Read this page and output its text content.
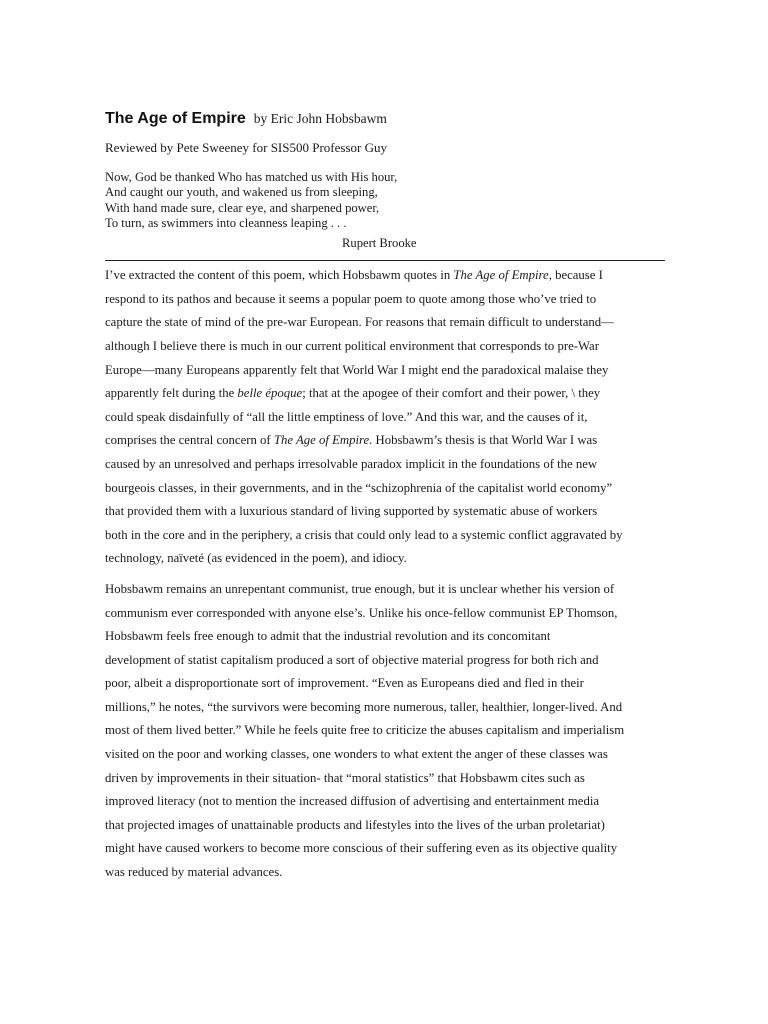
The Age of Empire by Eric John Hobsbawm

Reviewed by Pete Sweeney for SIS500 Professor Guy

Now, God be thanked Who has matched us with His hour,
And caught our youth, and wakened us from sleeping,
With hand made sure, clear eye, and sharpened power,
To turn, as swimmers into cleanness leaping . . .

Rupert Brooke

I’ve extracted the content of this poem, which Hobsbawm quotes in The Age of Empire, because I
respond to its pathos and because it seems a popular poem to quote among those who’ve tried to
capture the state of mind of the pre-war European. For reasons that remain difficult to understand—
although I believe there is much in our current political environment that corresponds to pre-War
Europe—many Europeans apparently felt that World War I might end the paradoxical malaise they
apparently felt during the belle époque; that at the apogee of their comfort and their power, \ they
could speak disdainfully of “all the little emptiness of love.” And this war, and the causes of it,
comprises the central concern of The Age of Empire. Hobsbawm’s thesis is that World War I was
caused by an unresolved and perhaps irresolvable paradox implicit in the foundations of the new
bourgeois classes, in their governments, and in the “schizophrenia of the capitalist world economy”
that provided them with a luxurious standard of living supported by systematic abuse of workers
both in the core and in the periphery, a crisis that could only lead to a systemic conflict aggravated by
technology, naïveté (as evidenced in the poem), and idiocy.

Hobsbawm remains an unrepentant communist, true enough, but it is unclear whether his version of
communism ever corresponded with anyone else’s. Unlike his once-fellow communist EP Thomson,
Hobsbawm feels free enough to admit that the industrial revolution and its concomitant
development of statist capitalism produced a sort of objective material progress for both rich and
poor, albeit a disproportionate sort of improvement. “Even as Europeans died and fled in their
millions,” he notes, “the survivors were becoming more numerous, taller, healthier, longer-lived. And
most of them lived better.” While he feels quite free to criticize the abuses capitalism and imperialism
visited on the poor and working classes, one wonders to what extent the anger of these classes was
driven by improvements in their situation- that “moral statistics” that Hobsbawm cites such as
improved literacy (not to mention the increased diffusion of advertising and entertainment media
that projected images of unattainable products and lifestyles into the lives of the urban proletariat)
might have caused workers to become more conscious of their suffering even as its objective quality
was reduced by material advances.
